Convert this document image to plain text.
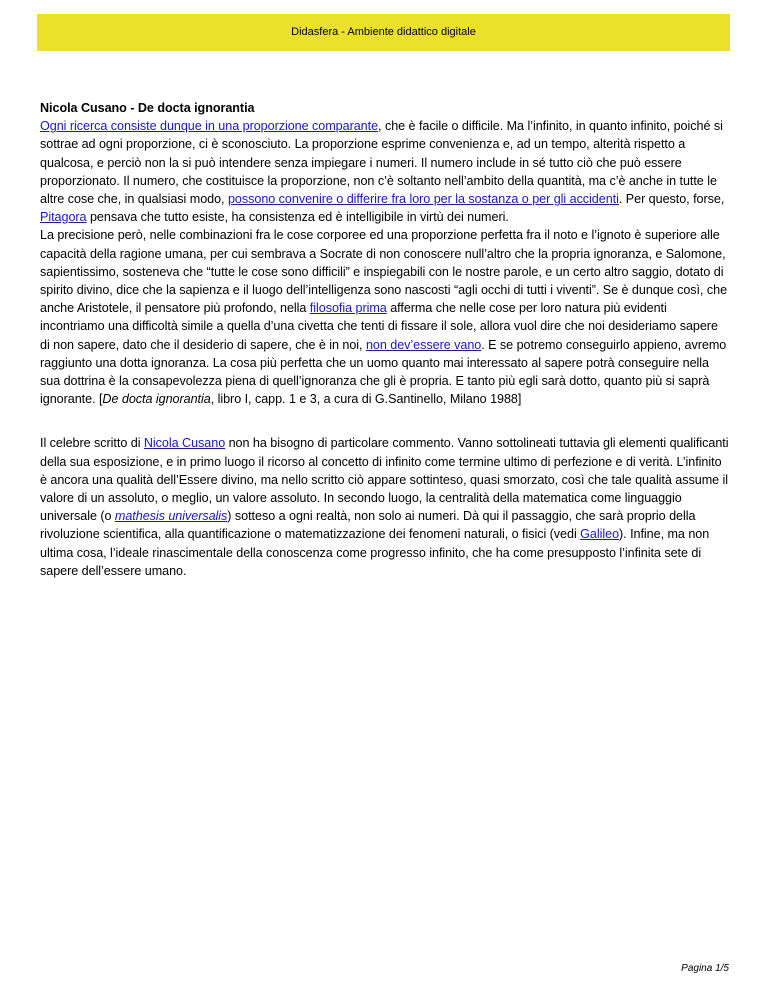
Didasfera - Ambiente didattico digitale
Nicola Cusano - De docta ignorantia

Ogni ricerca consiste dunque in una proporzione comparante, che è facile o difficile. Ma l’infinito, in quanto infinito, poiché si sottrae ad ogni proporzione, ci è sconosciuto. La proporzione esprime convenienza e, ad un tempo, alterità rispetto a qualcosa, e perciò non la si può intendere senza impiegare i numeri. Il numero include in sé tutto ciò che può essere proporzionato. Il numero, che costituisce la proporzione, non c’è soltanto nell’ambito della quantità, ma c’è anche in tutte le altre cose che, in qualsiasi modo, possono convenire o differire fra loro per la sostanza o per gli accidenti. Per questo, forse, Pitagora pensava che tutto esiste, ha consistenza ed è intelligibile in virtù dei numeri.

La precisione però, nelle combinazioni fra le cose corporee ed una proporzione perfetta fra il noto e l’ignoto è superiore alle capacità della ragione umana, per cui sembrava a Socrate di non conoscere null’altro che la propria ignoranza, e Salomone, sapientissimo, sosteneva che “tutte le cose sono difficili” e inspiegabili con le nostre parole, e un certo altro saggio, dotato di spirito divino, dice che la sapienza e il luogo dell’intelligenza sono nascosti “agli occhi di tutti i viventi”. Se è dunque così, che anche Aristotele, il pensatore più profondo, nella filosofia prima afferma che nelle cose per loro natura più evidenti incontriamo una difficoltà simile a quella d’una civetta che tenti di fissare il sole, allora vuol dire che noi desideriamo sapere di non sapere, dato che il desiderio di sapere, che è in noi, non dev’essere vano. E se potremo conseguirlo appieno, avremo raggiunto una dotta ignoranza. La cosa più perfetta che un uomo quanto mai interessato al sapere potrà conseguire nella sua dottrina è la consapevolezza piena di quell’ignoranza che gli è propria. E tanto più egli sarà dotto, quanto più si saprà ignorante. [De docta ignorantia, libro I, capp. 1 e 3, a cura di G.Santinello, Milano 1988]

Il celebre scritto di Nicola Cusano non ha bisogno di particolare commento. Vanno sottolineati tuttavia gli elementi qualificanti della sua esposizione, e in primo luogo il ricorso al concetto di infinito come termine ultimo di perfezione e di verità. L’infinito è ancora una qualità dell’Essere divino, ma nello scritto ciò appare sottinteso, quasi smorzato, così che tale qualità assume il valore di un assoluto, o meglio, un valore assoluto. In secondo luogo, la centralità della matematica come linguaggio universale (o mathesis universalis) sotteso a ogni realtà, non solo ai numeri. Dà qui il passaggio, che sarà proprio della rivoluzione scientifica, alla quantificazione o matematizzazione dei fenomeni naturali, o fisici (vedi Galileo). Infine, ma non ultima cosa, l’ideale rinascimentale della conoscenza come progresso infinito, che ha come presupposto l’infinita sete di sapere dell’essere umano.

Pagina 1/5
